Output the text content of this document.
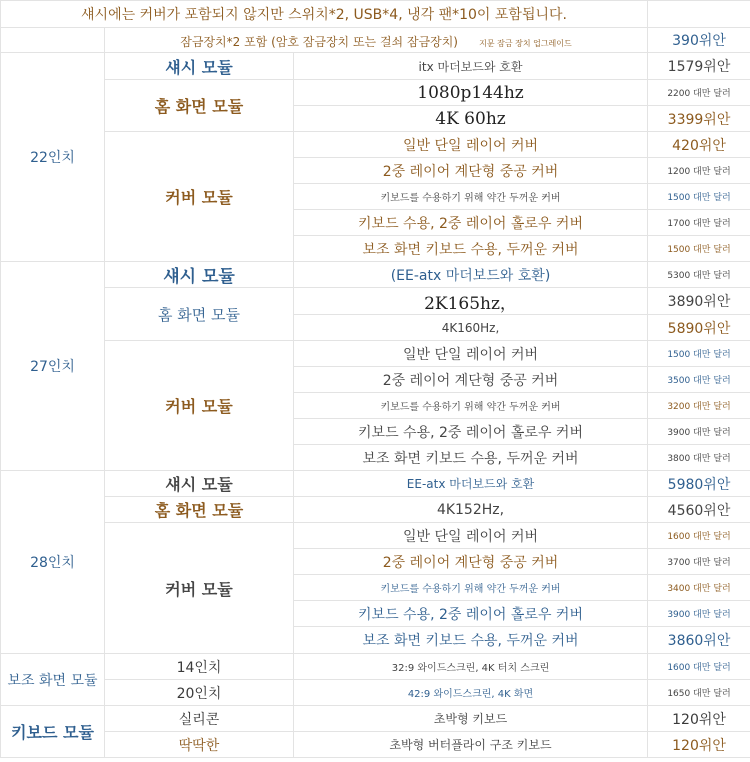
섀시에는 커버가 포함되지 않지만 스위치*2, USB*4, 냉각 팬*10이 포함됩니다.			
	잠금장치*2 포함 (암호 잠금장치 또는 걸쇠 잠금장치) 지문 잠금 장치 업그레이드		390위안
22인치	섀시 모듈	itx 마더보드와 호환	1579위안
	홈 화면 모듈	1080p144hz	2200 대만 달러
		4K 60hz	3399위안
	커버 모듈	일반 단일 레이어 커버	420위안
		2중 레이어 계단형 중공 커버	1200 대만 달러
		키보드를 수용하기 위해 약간 두꺼운 커버	1500 대만 달러
		키보드 수용, 2중 레이어 홀로우 커버	1700 대만 달러
		보조 화면 키보드 수용, 두꺼운 커버	1500 대만 달러
27인치	섀시 모듈	(EE-atx 마더보드와 호환)	5300 대만 달러
	홈 화면 모듈	2K165hz，	3890위안
		4K160Hz,	5890위안
	커버 모듈	일반 단일 레이어 커버	1500 대만 달러
		2중 레이어 계단형 중공 커버	3500 대만 달러
		키보드를 수용하기 위해 약간 두꺼운 커버	3200 대만 달러
		키보드 수용, 2중 레이어 홀로우 커버	3900 대만 달러
		보조 화면 키보드 수용, 두꺼운 커버	3800 대만 달러
28인치	섀시 모듈	EE-atx 마더보드와 호환	5980위안
	홈 화면 모듈	4K152Hz,	4560위안
	커버 모듈	일반 단일 레이어 커버	1600 대만 달러
		2중 레이어 계단형 중공 커버	3700 대만 달러
		키보드를 수용하기 위해 약간 두꺼운 커버	3400 대만 달러
		키보드 수용, 2중 레이어 홀로우 커버	3900 대만 달러
		보조 화면 키보드 수용, 두꺼운 커버	3860위안
보조 화면 모듈	14인치	32:9 와이드스크린, 4K 터치 스크린	1600 대만 달러
	20인치	42:9 와이드스크린, 4K 화면	1650 대만 달러
키보드 모듈	실리콘	초박형 키보드	120위안
	딱딱한	초박형 버터플라이 구조 키보드	120위안
